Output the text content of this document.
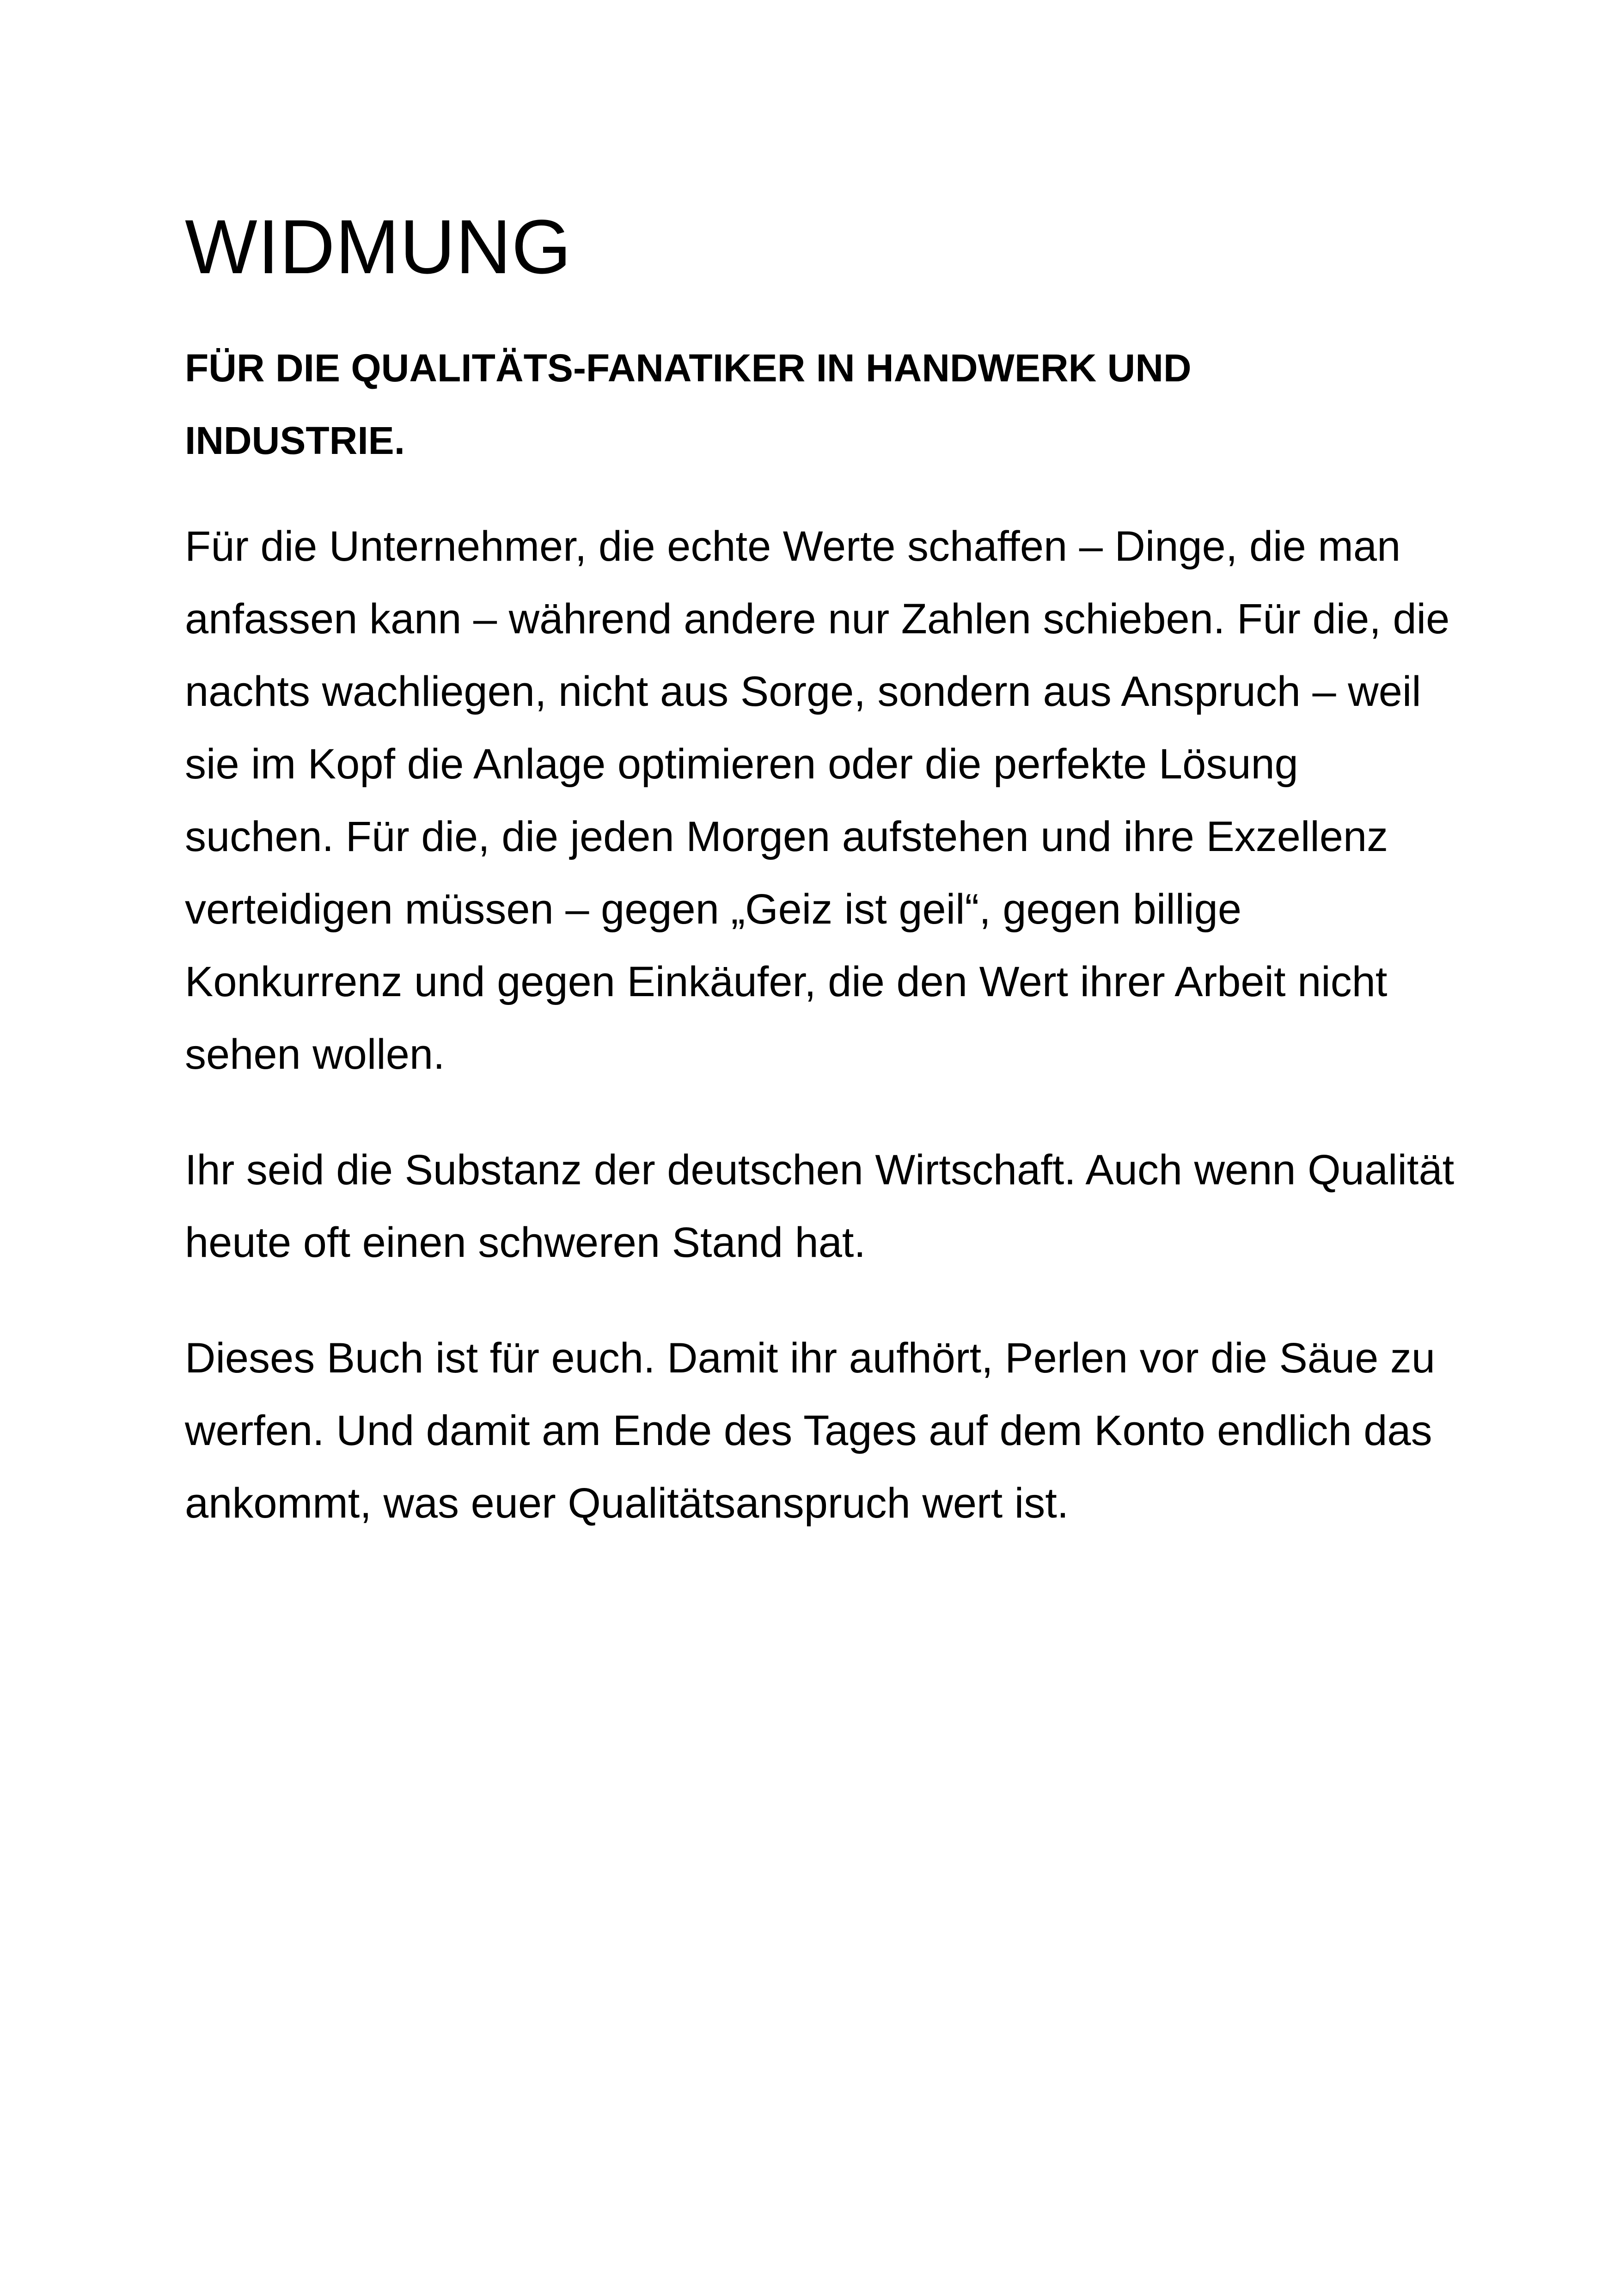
WIDMUNG
FÜR DIE QUALITÄTS-FANATIKER IN HANDWERK UND
INDUSTRIE.

Für die Unternehmer, die echte Werte schaffen – Dinge, die man
anfassen kann – während andere nur Zahlen schieben. Für die, die
nachts wachliegen, nicht aus Sorge, sondern aus Anspruch – weil
sie im Kopf die Anlage optimieren oder die perfekte Lösung
suchen. Für die, die jeden Morgen aufstehen und ihre Exzellenz
verteidigen müssen – gegen „Geiz ist geil“, gegen billige
Konkurrenz und gegen Einkäufer, die den Wert ihrer Arbeit nicht
sehen wollen.

Ihr seid die Substanz der deutschen Wirtschaft. Auch wenn Qualität
heute oft einen schweren Stand hat.

Dieses Buch ist für euch. Damit ihr aufhört, Perlen vor die Säue zu
werfen. Und damit am Ende des Tages auf dem Konto endlich das
ankommt, was euer Qualitätsanspruch wert ist.
